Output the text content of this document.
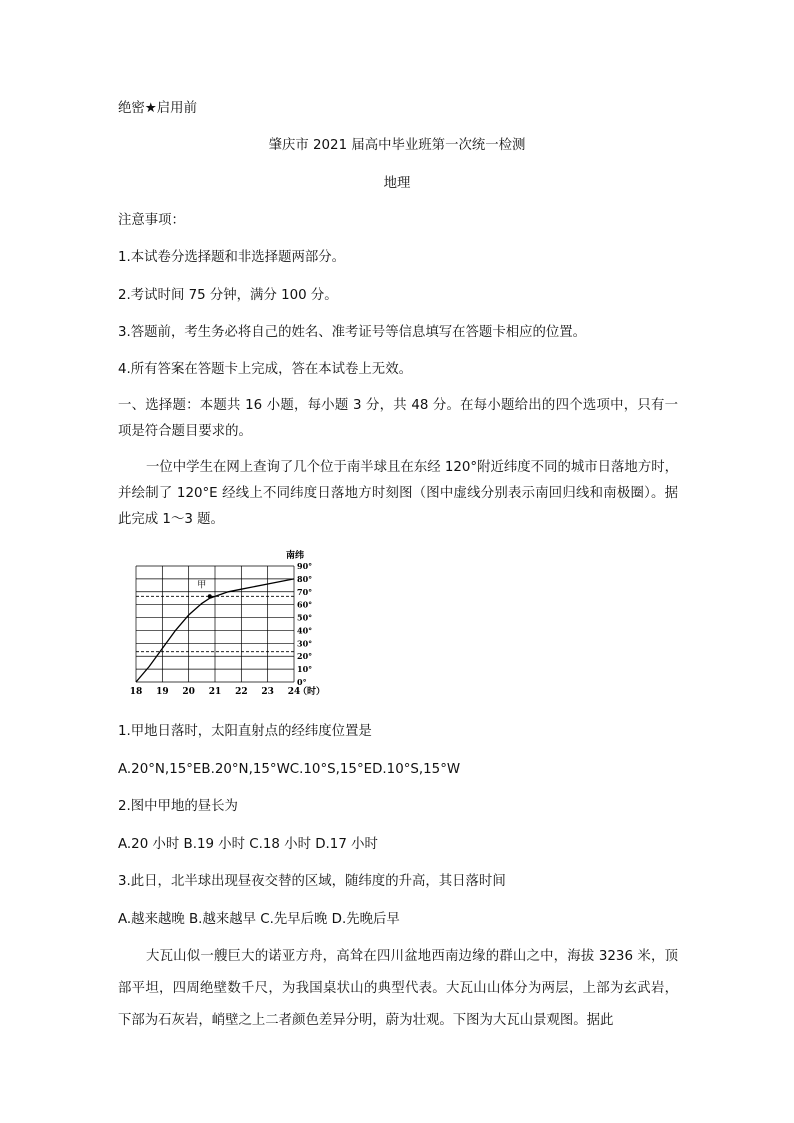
绝密★启用前

肇庆市 2021 届高中毕业班第一次统一检测

地理

注意事项：

1.本试卷分选择题和非选择题两部分。

2.考试时间 75 分钟，满分 100 分。

3.答题前，考生务必将自己的姓名、准考证号等信息填写在答题卡相应的位置。

4.所有答案在答题卡上完成，答在本试卷上无效。

一、选择题：本题共 16 小题，每小题 3 分，共 48 分。在每小题给出的四个选项中，只有一项是符合题目要求的。

一位中学生在网上查询了几个位于南半球且在东经 120°附近纬度不同的城市日落地方时，并绘制了 120°E 经线上不同纬度日落地方时刻图（图中虚线分别表示南回归线和南极圈）。据此完成 1～3 题。

甲
南纬
（时）
18 19 20 21 22 23 24
0°
10°
20°
30°
40°
50°
60°
70°
80°
90°

1.甲地日落时，太阳直射点的经纬度位置是

A.20°N,15°EB.20°N,15°WC.10°S,15°ED.10°S,15°W

2.图中甲地的昼长为

A.20 小时 B.19 小时 C.18 小时 D.17 小时

3.此日，北半球出现昼夜交替的区域，随纬度的升高，其日落时间

A.越来越晚 B.越来越早 C.先早后晚 D.先晚后早

大瓦山似一艘巨大的诺亚方舟，高耸在四川盆地西南边缘的群山之中，海拔 3236 米，顶部平坦，四周绝壁数千尺，为我国桌状山的典型代表。大瓦山山体分为两层，上部为玄武岩，下部为石灰岩，峭壁之上二者颜色差异分明，蔚为壮观。下图为大瓦山景观图。据此
